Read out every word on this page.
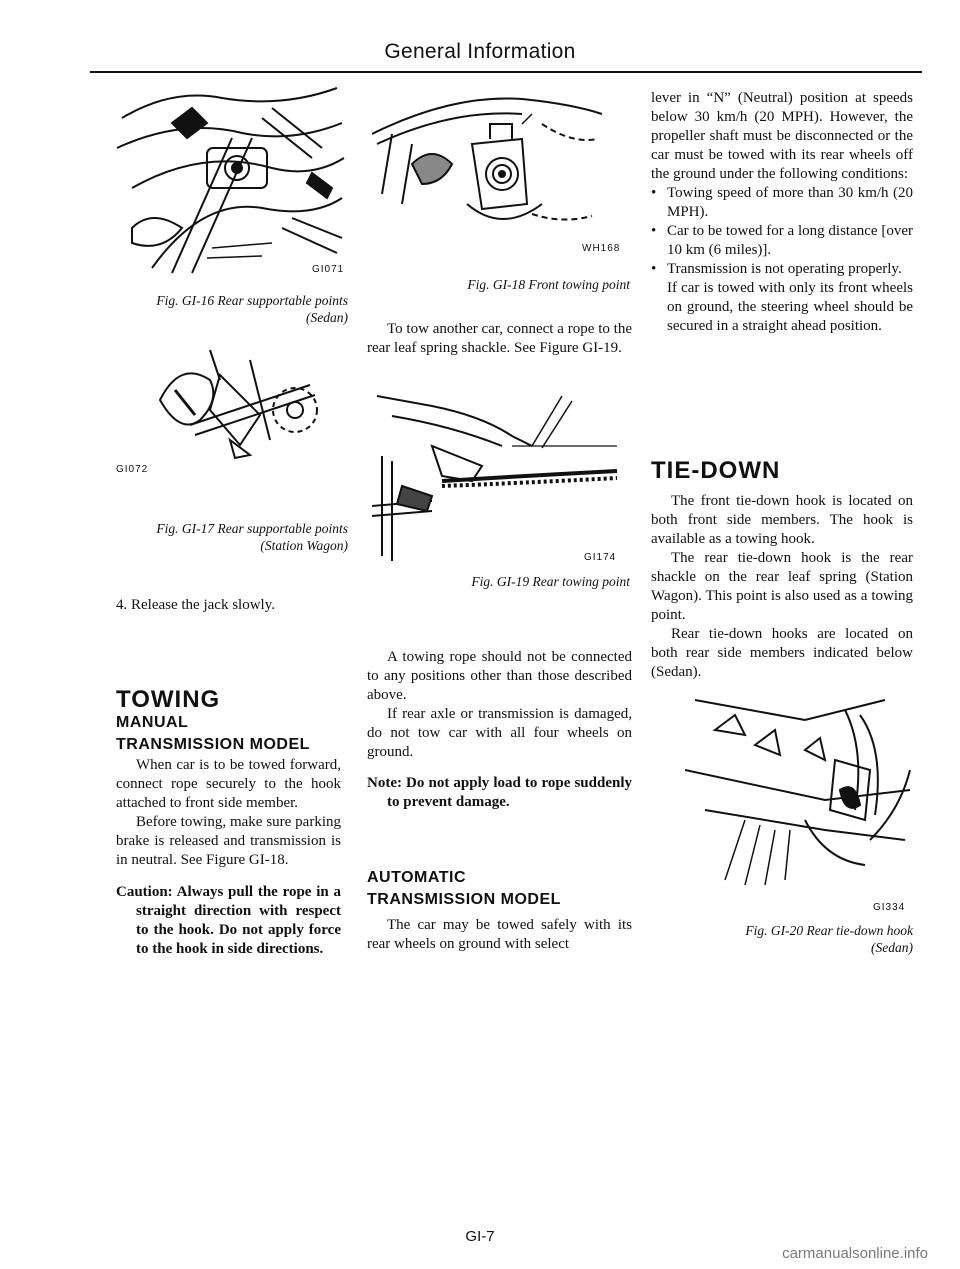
General Information
GI071
Fig. GI-16 Rear supportable points
(Sedan)
GI072
Fig. GI-17 Rear supportable points
(Station Wagon)

4. Release the jack slowly.

TOWING
MANUAL
TRANSMISSION MODEL

When car is to be towed forward, connect rope securely to the hook attached to front side member.

Before towing, make sure parking brake is released and transmission is in neutral. See Figure GI-18.

Caution: Always pull the rope in a straight direction with respect to the hook. Do not apply force to the hook in side directions.

WH168
Fig. GI-18 Front towing point

To tow another car, connect a rope to the rear leaf spring shackle. See Figure GI-19.

GI174
Fig. GI-19 Rear towing point

A towing rope should not be connected to any positions other than those described above.

If rear axle or transmission is damaged, do not tow car with all four wheels on ground.

Note: Do not apply load to rope suddenly to prevent damage.

AUTOMATIC
TRANSMISSION MODEL

The car may be towed safely with its rear wheels on ground with select

lever in “N” (Neutral) position at speeds below 30 km/h (20 MPH). However, the propeller shaft must be disconnected or the car must be towed with its rear wheels off the ground under the following conditions:

• Towing speed of more than 30 km/h (20 MPH).
• Car to be towed for a long distance [over 10 km (6 miles)].
• Transmission is not operating properly.

If car is towed with only its front wheels on ground, the steering wheel should be secured in a straight ahead position.

TIE-DOWN

The front tie-down hook is located on both front side members. The hook is available as a towing hook.

The rear tie-down hook is the rear shackle on the rear leaf spring (Station Wagon). This point is also used as a towing point.

Rear tie-down hooks are located on both rear side members indicated below (Sedan).

GI334
Fig. GI-20 Rear tie-down hook
(Sedan)
GI-7
carmanualsonline.info
